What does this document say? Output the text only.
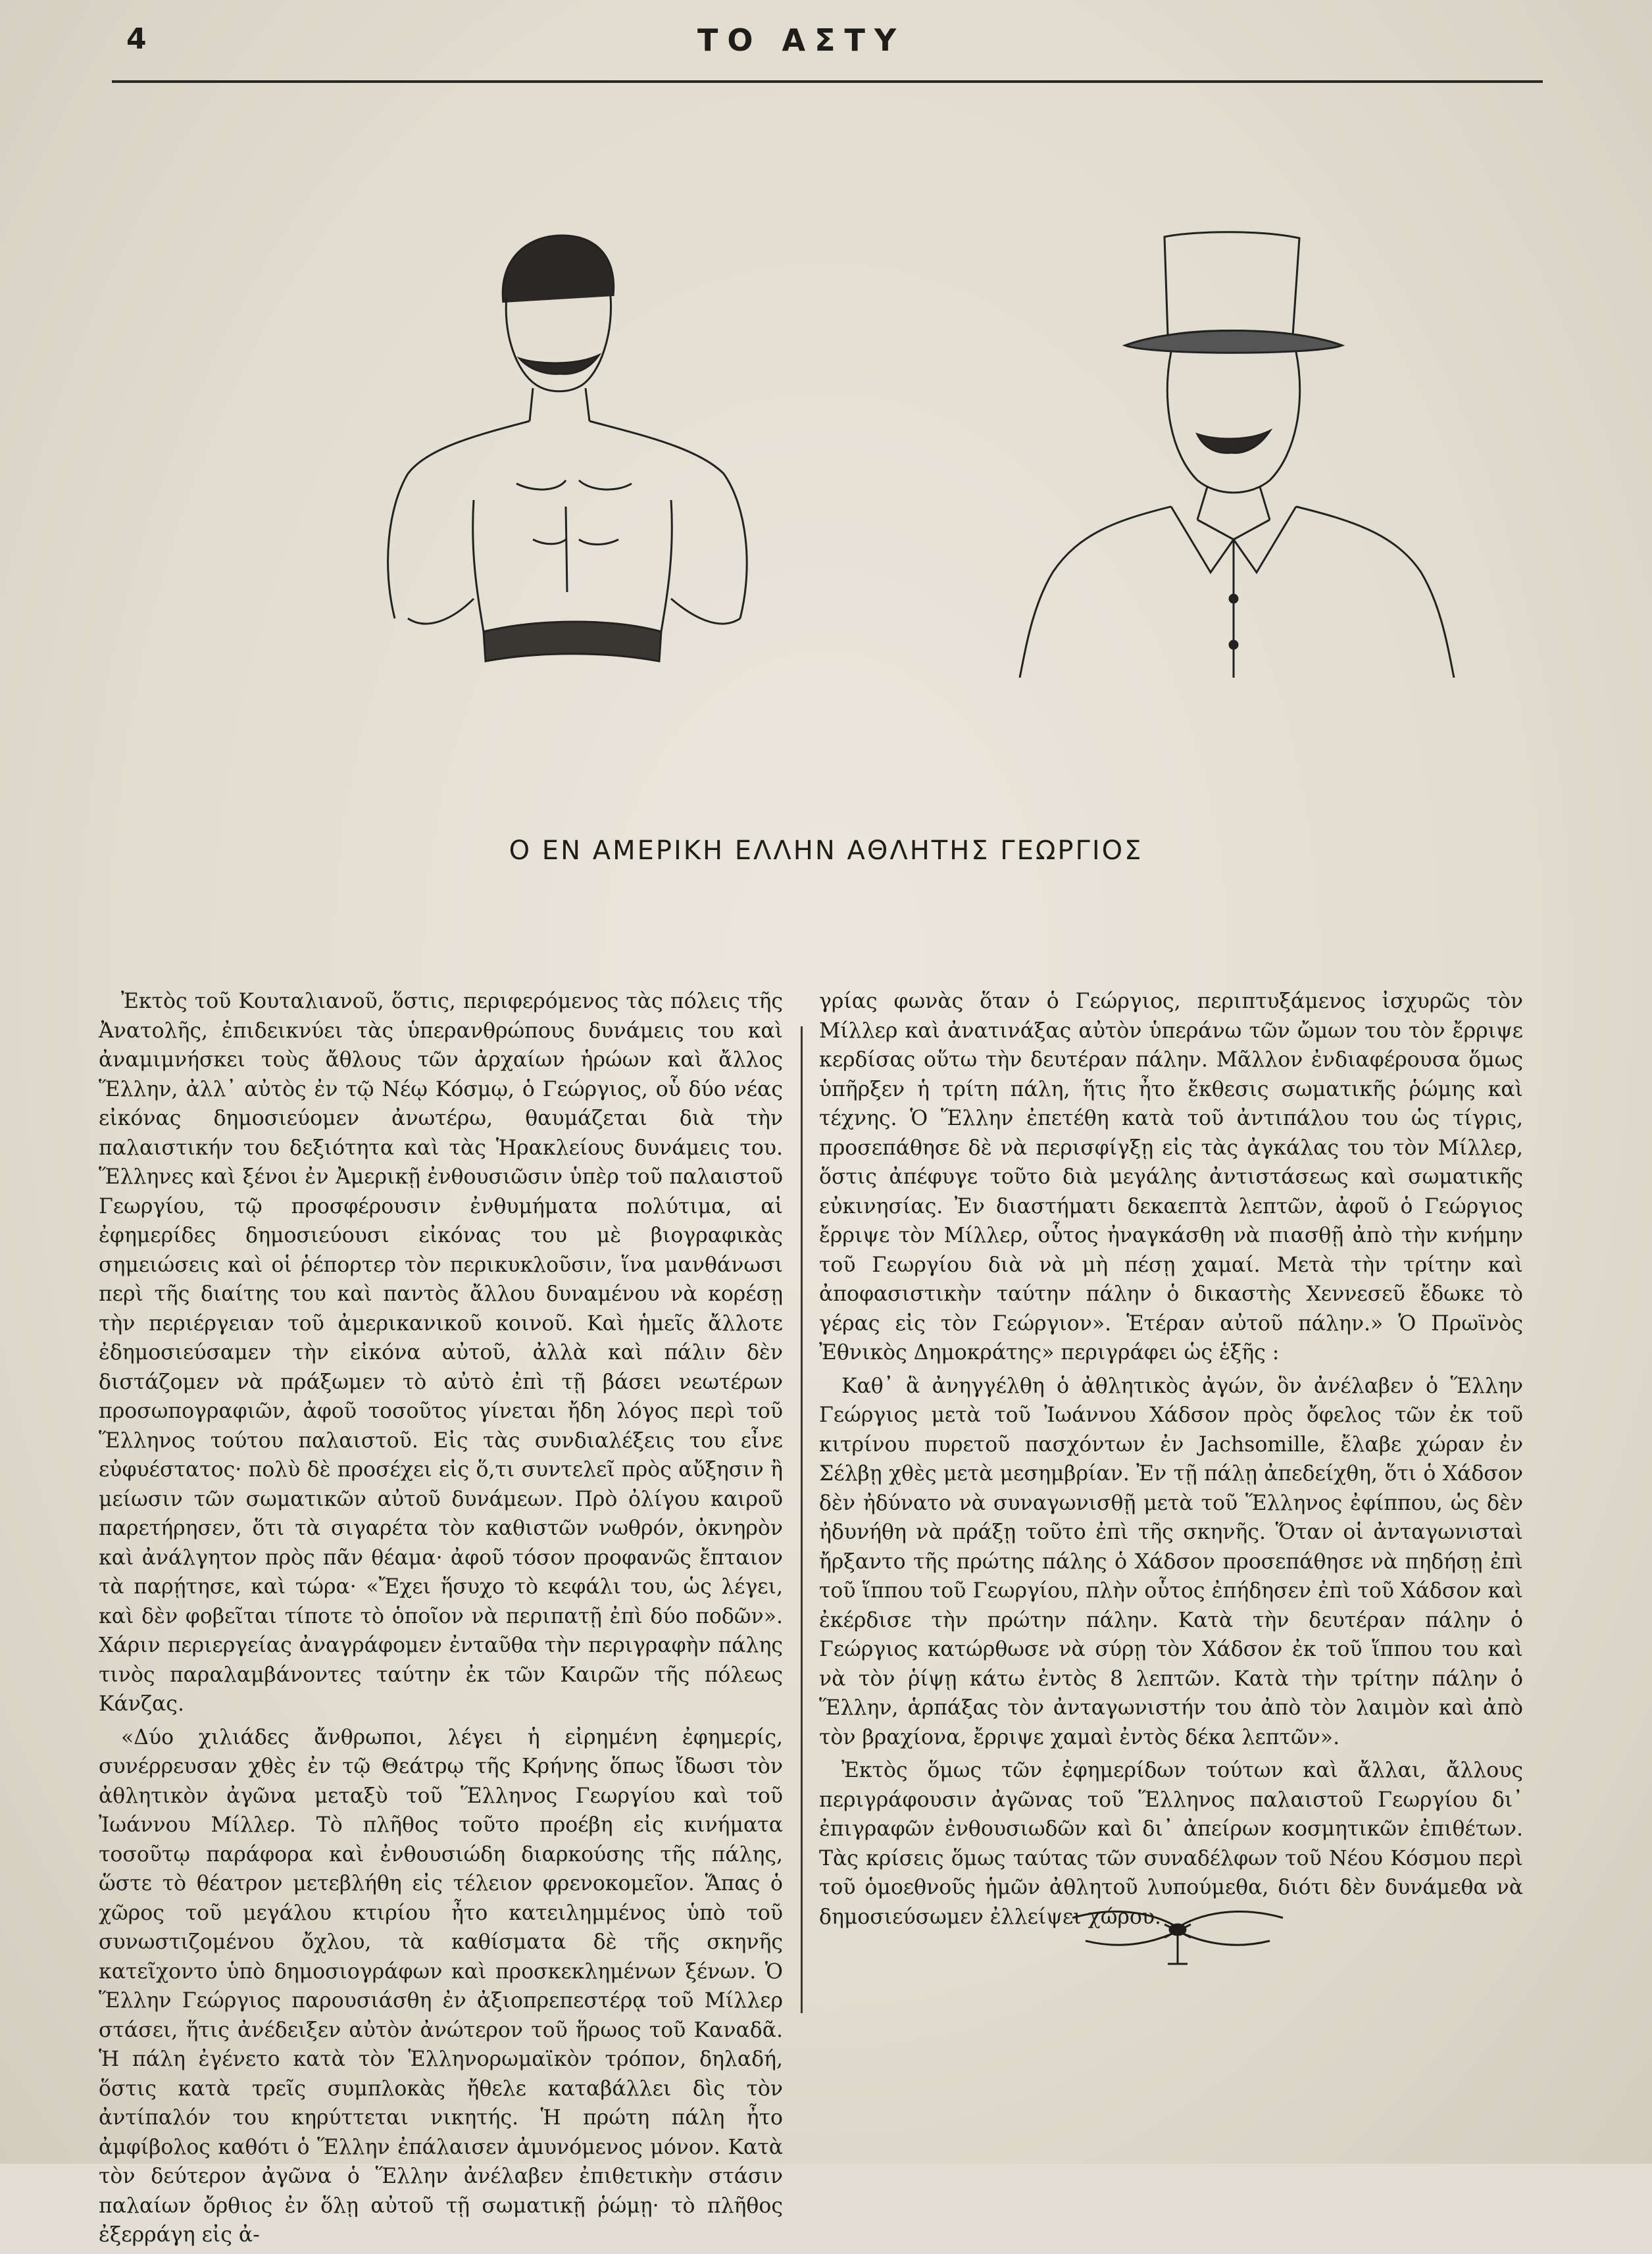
4	ΤΟ ΑΣΤΥ
Ο ΕΝ ΑΜΕΡΙΚΗ ΕΛΛΗΝ ΑΘΛΗΤΗΣ ΓΕΩΡΓΙΟΣ

Ἐκτὸς τοῦ Κουταλιανοῦ, ὅστις, περιφερόμενος τὰς πόλεις τῆς Ἀνατολῆς, ἐπιδεικνύει τὰς ὑπερανθρώπους δυνάμεις του καὶ ἀναμιμνήσκει τοὺς ἄθλους τῶν ἀρχαίων ἡρώων καὶ ἄλλος Ἕλλην, ἀλλ᾽ αὐτὸς ἐν τῷ Νέῳ Κόσμῳ, ὁ Γεώργιος, οὗ δύο νέας εἰκόνας δημοσιεύομεν ἀνωτέρω, θαυμάζεται διὰ τὴν παλαιστικήν του δεξιότητα καὶ τὰς Ἡρακλείους δυνάμεις του. Ἕλληνες καὶ ξένοι ἐν Ἀμερικῇ ἐνθουσιῶσιν ὑπὲρ τοῦ παλαιστοῦ Γεωργίου, τῷ προσφέρουσιν ἐνθυμήματα πολύτιμα, αἱ ἐφημερίδες δημοσιεύουσι εἰκόνας του μὲ βιογραφικὰς σημειώσεις καὶ οἱ ῥέπορτερ τὸν περικυκλοῦσιν, ἵνα μανθάνωσι περὶ τῆς διαίτης του καὶ παντὸς ἄλλου δυναμένου νὰ κορέσῃ τὴν περιέργειαν τοῦ ἀμερικανικοῦ κοινοῦ. Καὶ ἡμεῖς ἄλλοτε ἐδημοσιεύσαμεν τὴν εἰκόνα αὐτοῦ, ἀλλὰ καὶ πάλιν δὲν διστάζομεν νὰ πράξωμεν τὸ αὐτὸ ἐπὶ τῇ βάσει νεωτέρων προσωπογραφιῶν, ἀφοῦ τοσοῦτος γίνεται ἤδη λόγος περὶ τοῦ Ἕλληνος τούτου παλαιστοῦ. Εἰς τὰς συνδιαλέξεις του εἶνε εὐφυέστατος· πολὺ δὲ προσέχει εἰς ὅ,τι συντελεῖ πρὸς αὔξησιν ἢ μείωσιν τῶν σωματικῶν αὐτοῦ δυνάμεων. Πρὸ ὀλίγου καιροῦ παρετήρησεν, ὅτι τὰ σιγαρέτα τὸν καθιστῶν νωθρόν, ὀκνηρὸν καὶ ἀνάλγητον πρὸς πᾶν θέαμα· ἀφοῦ τόσον προφανῶς ἔπταιον τὰ παρῄτησε, καὶ τώρα· «Ἔχει ἥσυχο τὸ κεφάλι του, ὡς λέγει, καὶ δὲν φοβεῖται τίποτε τὸ ὁποῖον νὰ περιπατῇ ἐπὶ δύο ποδῶν». Χάριν περιεργείας ἀναγράφομεν ἐνταῦθα τὴν περιγραφὴν πάλης τινὸς παραλαμβάνοντες ταύτην ἐκ τῶν Καιρῶν τῆς πόλεως Κάνζας.

«Δύο χιλιάδες ἄνθρωποι, λέγει ἡ εἰρημένη ἐφημερίς, συνέρρευσαν χθὲς ἐν τῷ Θεάτρῳ τῆς Κρήνης ὅπως ἴδωσι τὸν ἀθλητικὸν ἀγῶνα μεταξὺ τοῦ Ἕλληνος Γεωργίου καὶ τοῦ Ἰωάννου Μίλλερ. Τὸ πλῆθος τοῦτο προέβη εἰς κινήματα τοσοῦτῳ παράφορα καὶ ἐνθουσιώδη διαρκούσης τῆς πάλης, ὥστε τὸ θέατρον μετεβλήθη εἰς τέλειον φρενοκομεῖον. Ἅπας ὁ χῶρος τοῦ μεγάλου κτιρίου ἦτο κατειλημμένος ὑπὸ τοῦ συνωστιζομένου ὄχλου, τὰ καθίσματα δὲ τῆς σκηνῆς κατεῖχοντο ὑπὸ δημοσιογράφων καὶ προσκεκλημένων ξένων. Ὁ Ἕλλην Γεώργιος παρουσιάσθη ἐν ἀξιοπρεπεστέρᾳ τοῦ Μίλλερ στάσει, ἥτις ἀνέδειξεν αὐτὸν ἀνώτερον τοῦ ἥρωος τοῦ Καναδᾶ. Ἡ πάλη ἐγένετο κατὰ τὸν Ἑλληνορωμαϊκὸν τρόπον, δηλαδή, ὅστις κατὰ τρεῖς συμπλοκὰς ἤθελε καταβάλλει δὶς τὸν ἀντίπαλόν του κηρύττεται νικητής. Ἡ πρώτη πάλη ἦτο ἀμφίβολος καθότι ὁ Ἕλλην ἐπάλαισεν ἀμυνόμενος μόνον. Κατὰ τὸν δεύτερον ἀγῶνα ὁ Ἕλλην ἀνέλαβεν ἐπιθετικὴν στάσιν παλαίων ὄρθιος ἐν ὅλῃ αὐτοῦ τῇ σωματικῇ ῥώμῃ· τὸ πλῆθος ἐξερράγη εἰς ἀ-

γρίας φωνὰς ὅταν ὁ Γεώργιος, περιπτυξάμενος ἰσχυρῶς τὸν Μίλλερ καὶ ἀνατινάξας αὐτὸν ὑπεράνω τῶν ὤμων του τὸν ἔρριψε κερδίσας οὕτω τὴν δευτέραν πάλην. Μᾶλλον ἐνδιαφέρουσα ὅμως ὑπῆρξεν ἡ τρίτη πάλη, ἥτις ἦτο ἔκθεσις σωματικῆς ῥώμης καὶ τέχνης. Ὁ Ἕλλην ἐπετέθη κατὰ τοῦ ἀντιπάλου του ὡς τίγρις, προσεπάθησε δὲ νὰ περισφίγξῃ εἰς τὰς ἀγκάλας του τὸν Μίλλερ, ὅστις ἀπέφυγε τοῦτο διὰ μεγάλης ἀντιστάσεως καὶ σωματικῆς εὐκινησίας. Ἐν διαστήματι δεκαεπτὰ λεπτῶν, ἀφοῦ ὁ Γεώργιος ἔρριψε τὸν Μίλλερ, οὗτος ἠναγκάσθη νὰ πιασθῇ ἀπὸ τὴν κνήμην τοῦ Γεωργίου διὰ νὰ μὴ πέσῃ χαμαί. Μετὰ τὴν τρίτην καὶ ἀποφασιστικὴν ταύτην πάλην ὁ δικαστὴς Χεννεσεῦ ἔδωκε τὸ γέρας εἰς τὸν Γεώργιον». Ἑτέραν αὐτοῦ πάλην.» Ὁ Πρωϊνὸς Ἐθνικὸς Δημοκράτης» περιγράφει ὡς ἑξῆς :

Καθ᾽ ἃ ἀνηγγέλθη ὁ ἀθλητικὸς ἀγών, ὃν ἀνέλαβεν ὁ Ἕλλην Γεώργιος μετὰ τοῦ Ἰωάννου Χάδσον πρὸς ὄφελος τῶν ἐκ τοῦ κιτρίνου πυρετοῦ πασχόντων ἐν Jachsomille, ἔλαβε χώραν ἐν Σέλβῃ χθὲς μετὰ μεσημβρίαν. Ἐν τῇ πάλῃ ἀπεδείχθη, ὅτι ὁ Χάδσον δὲν ἠδύνατο νὰ συναγωνισθῇ μετὰ τοῦ Ἕλληνος ἐφίππου, ὡς δὲν ἠδυνήθη νὰ πράξῃ τοῦτο ἐπὶ τῆς σκηνῆς. Ὅταν οἱ ἀνταγωνισταὶ ἤρξαντο τῆς πρώτης πάλης ὁ Χάδσον προσεπάθησε νὰ πηδήσῃ ἐπὶ τοῦ ἵππου τοῦ Γεωργίου, πλὴν οὗτος ἐπήδησεν ἐπὶ τοῦ Χάδσον καὶ ἐκέρδισε τὴν πρώτην πάλην. Κατὰ τὴν δευτέραν πάλην ὁ Γεώργιος κατώρθωσε νὰ σύρῃ τὸν Χάδσον ἐκ τοῦ ἵππου του καὶ νὰ τὸν ῥίψῃ κάτω ἐντὸς 8 λεπτῶν. Κατὰ τὴν τρίτην πάλην ὁ Ἕλλην, ἁρπάξας τὸν ἀνταγωνιστήν του ἀπὸ τὸν λαιμὸν καὶ ἀπὸ τὸν βραχίονα, ἔρριψε χαμαὶ ἐντὸς δέκα λεπτῶν».

Ἐκτὸς ὅμως τῶν ἐφημερίδων τούτων καὶ ἄλλαι, ἄλλους περιγράφουσιν ἀγῶνας τοῦ Ἕλληνος παλαιστοῦ Γεωργίου δι᾽ ἐπιγραφῶν ἐνθουσιωδῶν καὶ δι᾽ ἀπείρων κοσμητικῶν ἐπιθέτων. Τὰς κρίσεις ὅμως ταύτας τῶν συναδέλφων τοῦ Νέου Κόσμου περὶ τοῦ ὁμοεθνοῦς ἡμῶν ἀθλητοῦ λυπούμεθα, διότι δὲν δυνάμεθα νὰ δημοσιεύσωμεν ἐλλείψει χώρου.
